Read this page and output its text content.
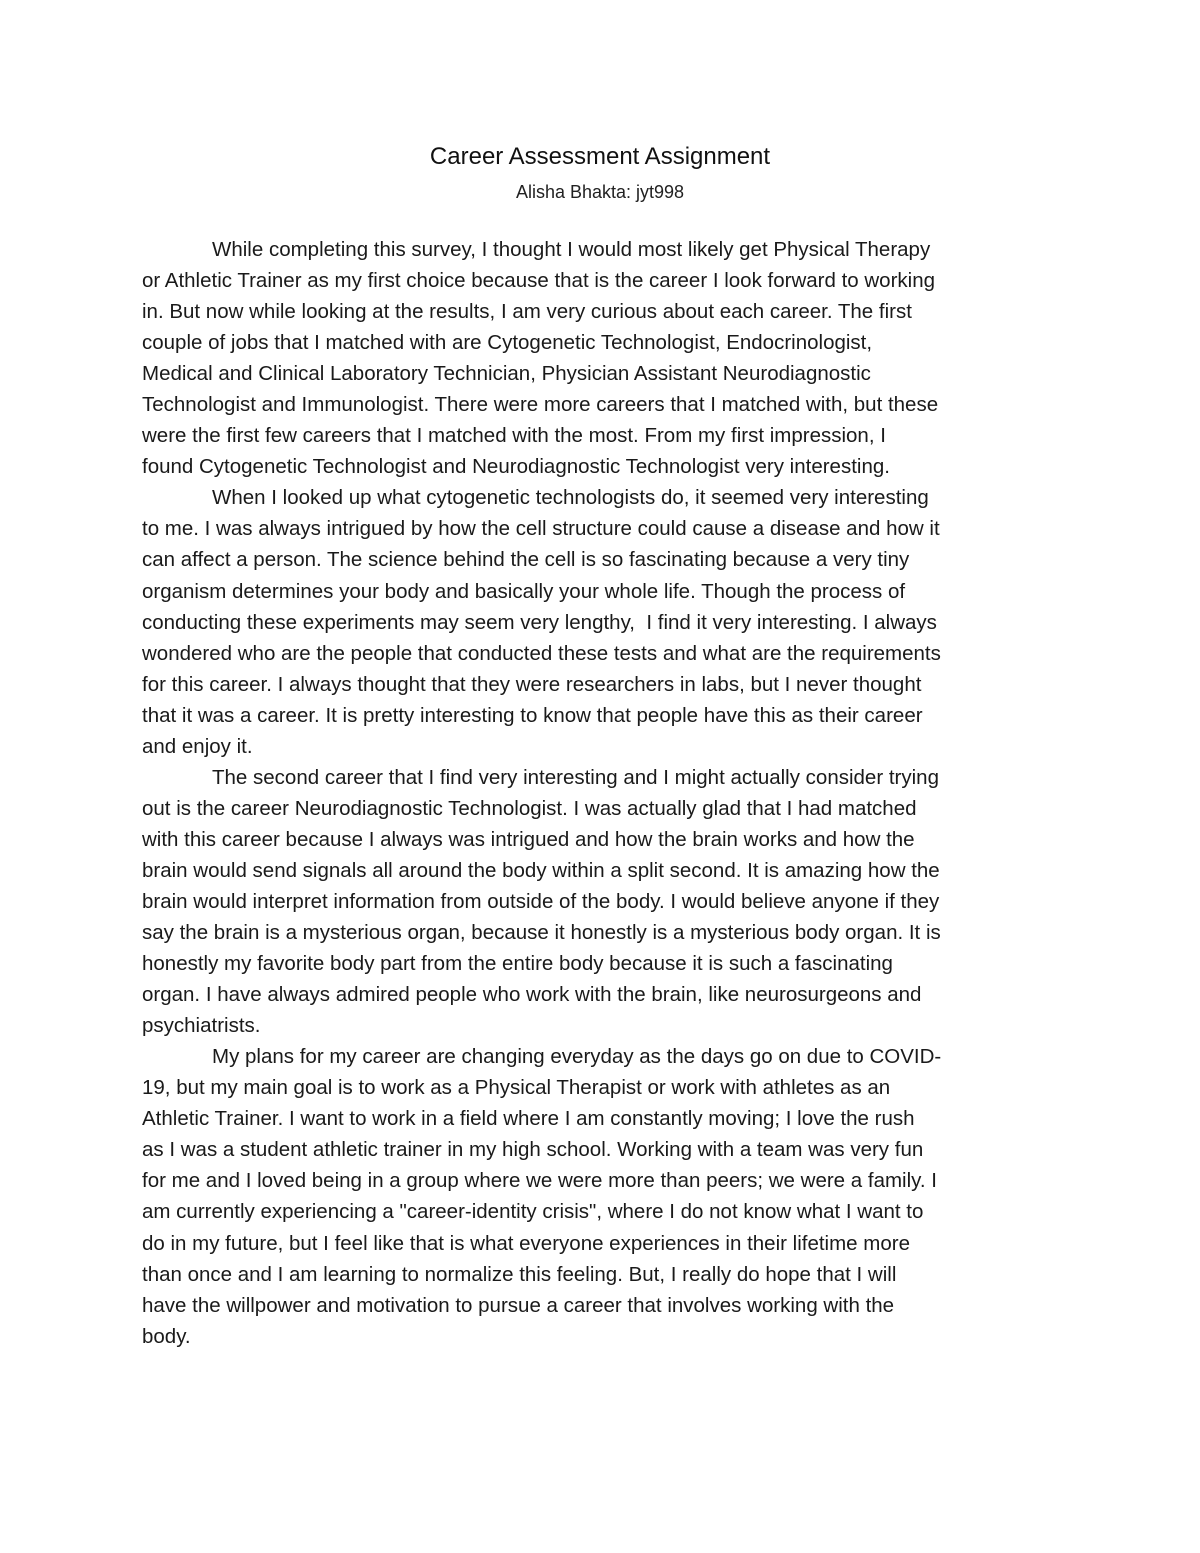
Career Assessment Assignment
Alisha Bhakta: jyt998
While completing this survey, I thought I would most likely get Physical Therapy
or Athletic Trainer as my first choice because that is the career I look forward to working
in. But now while looking at the results, I am very curious about each career. The first
couple of jobs that I matched with are Cytogenetic Technologist, Endocrinologist,
Medical and Clinical Laboratory Technician, Physician Assistant Neurodiagnostic
Technologist and Immunologist. There were more careers that I matched with, but these
were the first few careers that I matched with the most. From my first impression, I
found Cytogenetic Technologist and Neurodiagnostic Technologist very interesting.
When I looked up what cytogenetic technologists do, it seemed very interesting
to me. I was always intrigued by how the cell structure could cause a disease and how it
can affect a person. The science behind the cell is so fascinating because a very tiny
organism determines your body and basically your whole life. Though the process of
conducting these experiments may seem very lengthy,  I find it very interesting. I always
wondered who are the people that conducted these tests and what are the requirements
for this career. I always thought that they were researchers in labs, but I never thought
that it was a career. It is pretty interesting to know that people have this as their career
and enjoy it.
The second career that I find very interesting and I might actually consider trying
out is the career Neurodiagnostic Technologist. I was actually glad that I had matched
with this career because I always was intrigued and how the brain works and how the
brain would send signals all around the body within a split second. It is amazing how the
brain would interpret information from outside of the body. I would believe anyone if they
say the brain is a mysterious organ, because it honestly is a mysterious body organ. It is
honestly my favorite body part from the entire body because it is such a fascinating
organ. I have always admired people who work with the brain, like neurosurgeons and
psychiatrists.
My plans for my career are changing everyday as the days go on due to COVID-
19, but my main goal is to work as a Physical Therapist or work with athletes as an
Athletic Trainer. I want to work in a field where I am constantly moving; I love the rush
as I was a student athletic trainer in my high school. Working with a team was very fun
for me and I loved being in a group where we were more than peers; we were a family. I
am currently experiencing a "career-identity crisis", where I do not know what I want to
do in my future, but I feel like that is what everyone experiences in their lifetime more
than once and I am learning to normalize this feeling. But, I really do hope that I will
have the willpower and motivation to pursue a career that involves working with the
body.
